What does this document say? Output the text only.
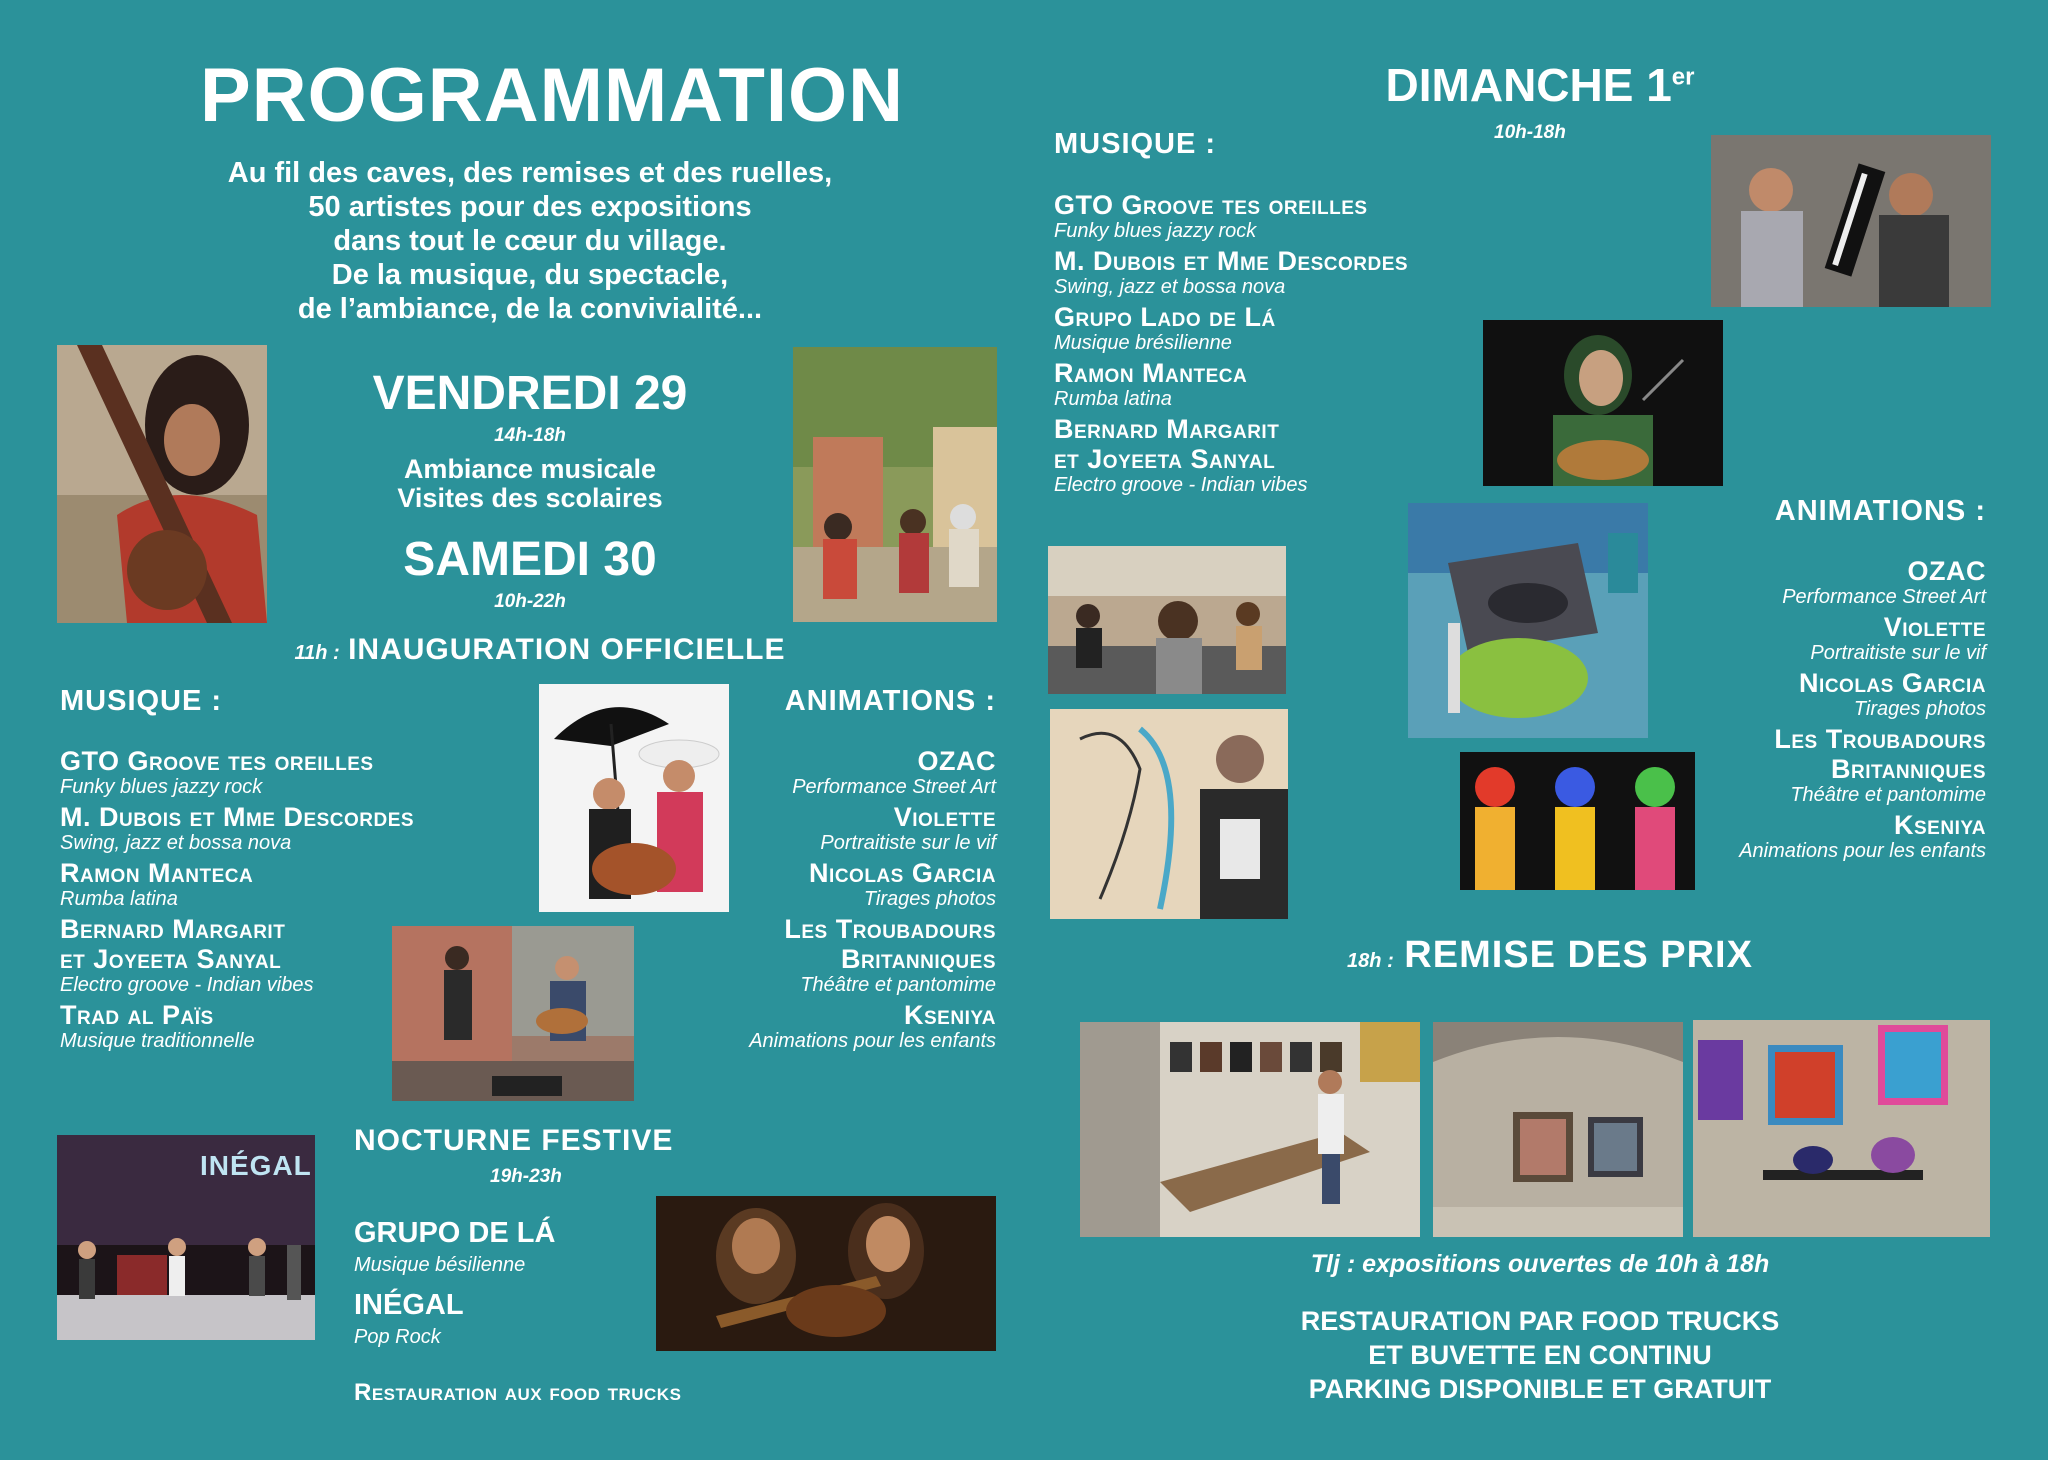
PROGRAMMATION
Au fil des caves, des remises et des ruelles,
50 artistes pour des expositions
dans tout le cœur du village.
De la musique, du spectacle,
de l’ambiance, de la convivialité...
VENDREDI 29
14h-18h
Ambiance musicale
Visites des scolaires
SAMEDI 30
10h-22h
11h : INAUGURATION OFFICIELLE
MUSIQUE :
GTO Groove tes oreilles
Funky blues jazzy rock
M. Dubois et Mme Descordes
Swing, jazz et bossa nova
Ramon Manteca
Rumba latina
Bernard Margarit
et Joyeeta Sanyal
Electro groove - Indian vibes
Trad al Païs
Musique traditionnelle
ANIMATIONS :
OZAC
Performance Street Art
Violette
Portraitiste sur le vif
Nicolas Garcia
Tirages photos
Les Troubadours
Britanniques
Théâtre et pantomime
Kseniya
Animations pour les enfants
INÉGAL
NOCTURNE FESTIVE
19h-23h
GRUPO DE LÁ
Musique bésilienne
INÉGAL
Pop Rock
Restauration aux food trucks
DIMANCHE 1er
10h-18h
MUSIQUE :
GTO Groove tes oreilles
Funky blues jazzy rock
M. Dubois et Mme Descordes
Swing, jazz et bossa nova
Grupo Lado de Lá
Musique brésilienne
Ramon Manteca
Rumba latina
Bernard Margarit
et Joyeeta Sanyal
Electro groove - Indian vibes
ANIMATIONS :
OZAC
Performance Street Art
Violette
Portraitiste sur le vif
Nicolas Garcia
Tirages photos
Les Troubadours
Britanniques
Théâtre et pantomime
Kseniya
Animations pour les enfants
18h : REMISE DES PRIX
Tlj : expositions ouvertes de 10h à 18h
RESTAURATION PAR FOOD TRUCKS
ET BUVETTE EN CONTINU
PARKING DISPONIBLE ET GRATUIT
